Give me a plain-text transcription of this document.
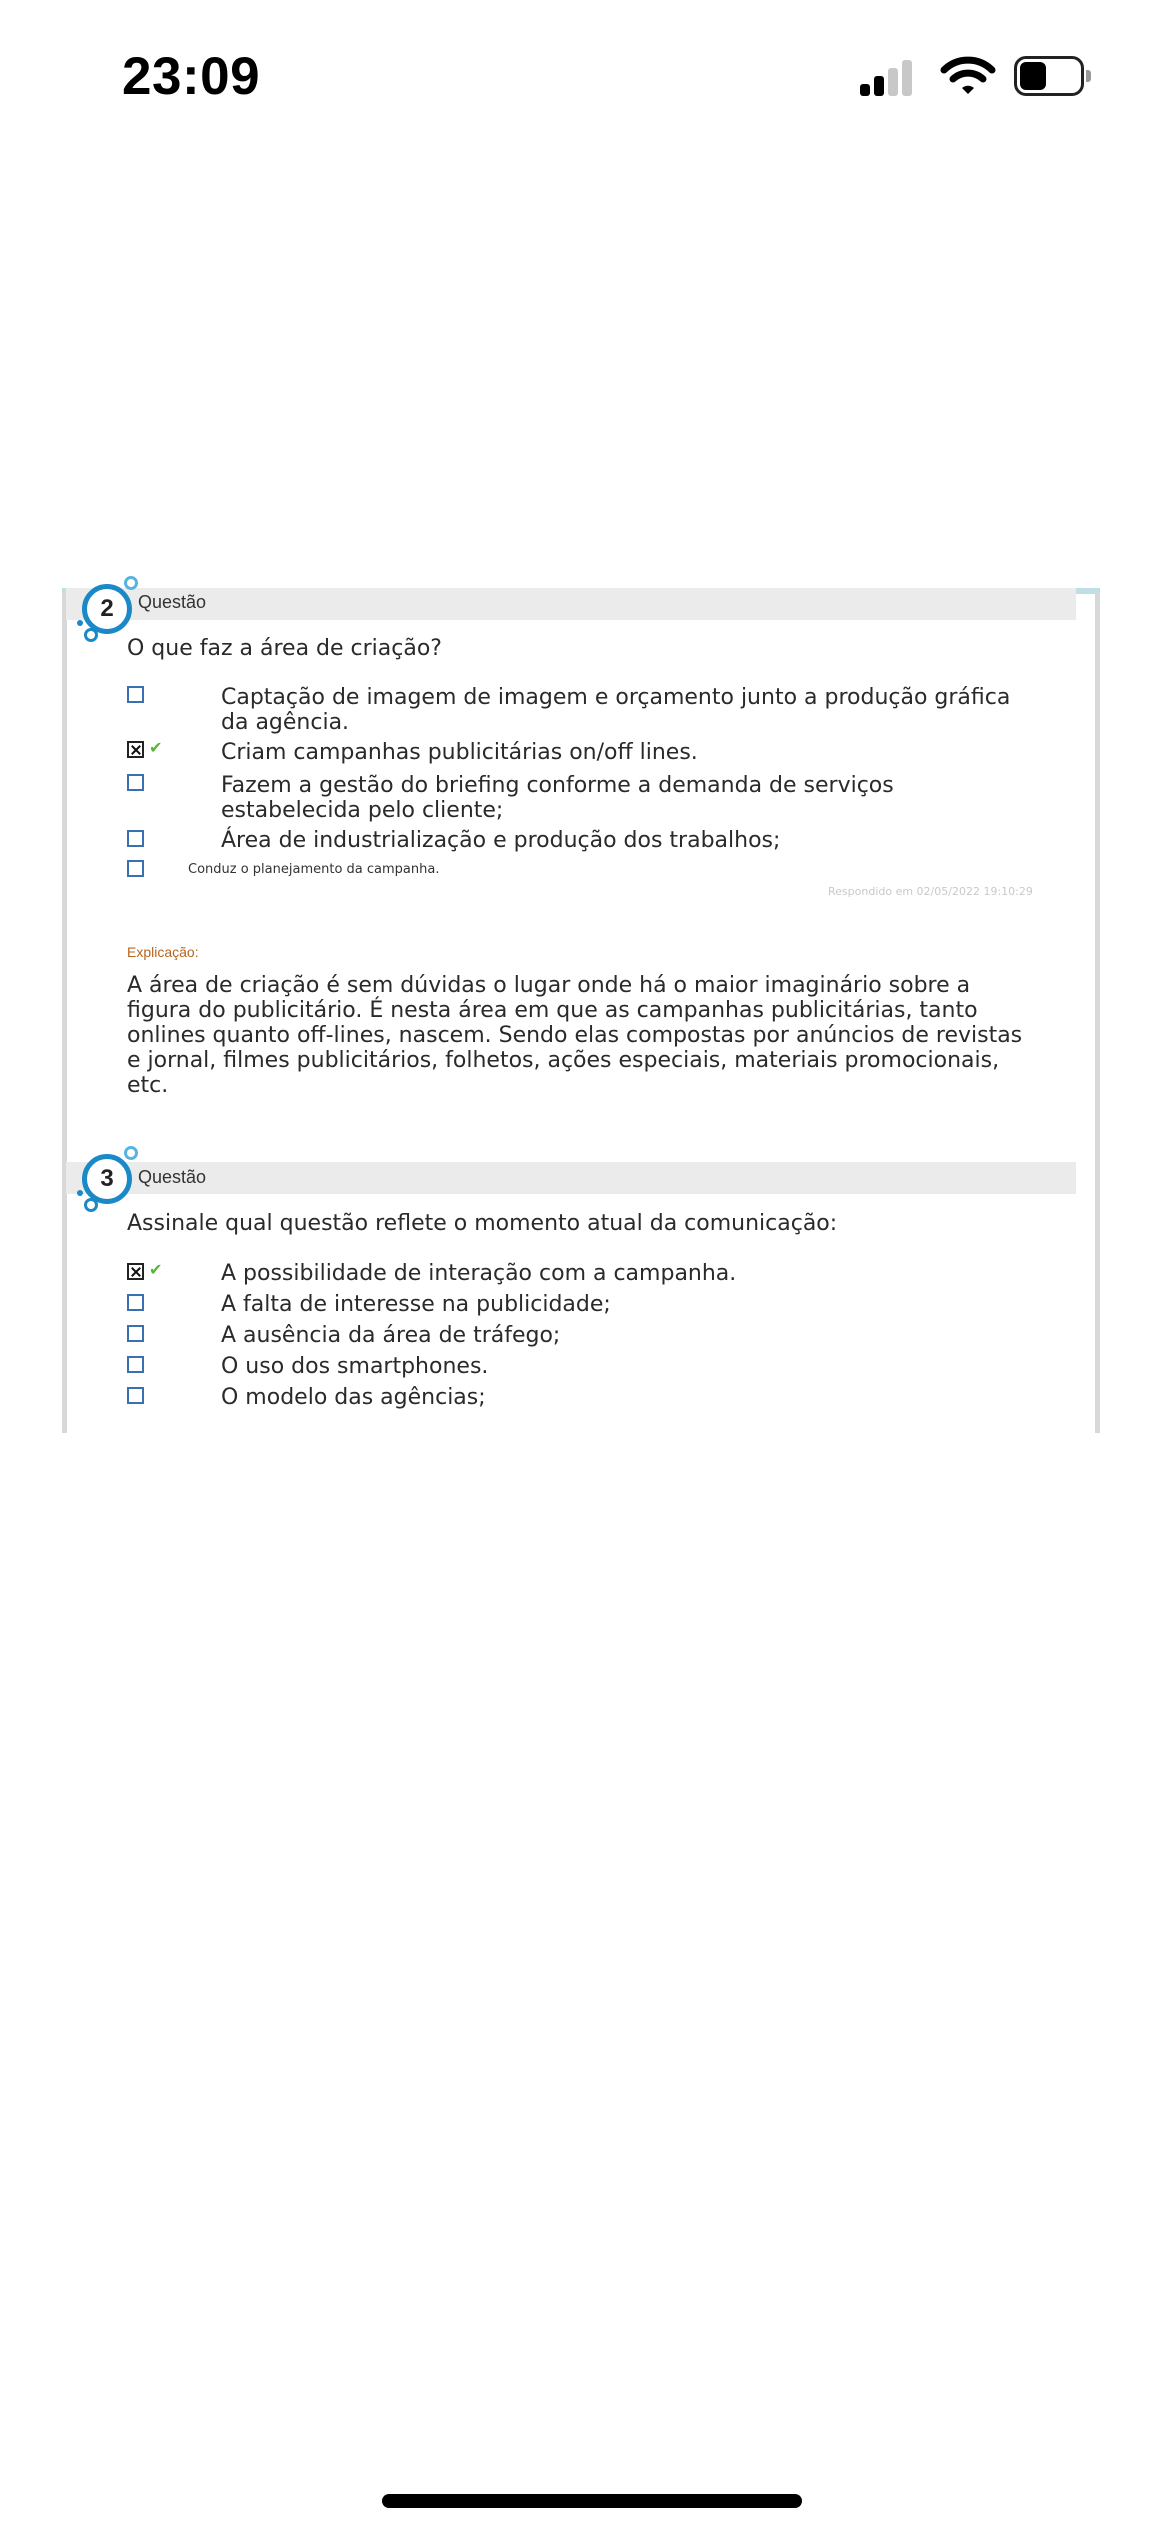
23:09
2	Questão
O que faz a área de criação?
Captação de imagem de imagem e orçamento junto a produção gráfica da agência.
✔	Criam campanhas publicitárias on/off lines.
Fazem a gestão do briefing conforme a demanda de serviços estabelecida pelo cliente;
Área de industrialização e produção dos trabalhos;
Conduz o planejamento da campanha.
Respondido em 02/05/2022 19:10:29
Explicação:
A área de criação é sem dúvidas o lugar onde há o maior imaginário sobre a figura do publicitário. É nesta área em que as campanhas publicitárias, tanto onlines quanto off-lines, nascem. Sendo elas compostas por anúncios de revistas e jornal, filmes publicitários, folhetos, ações especiais, materiais promocionais, etc.
3	Questão
Assinale qual questão reflete o momento atual da comunicação:
✔	A possibilidade de interação com a campanha.
A falta de interesse na publicidade;
A ausência da área de tráfego;
O uso dos smartphones.
O modelo das agências;
